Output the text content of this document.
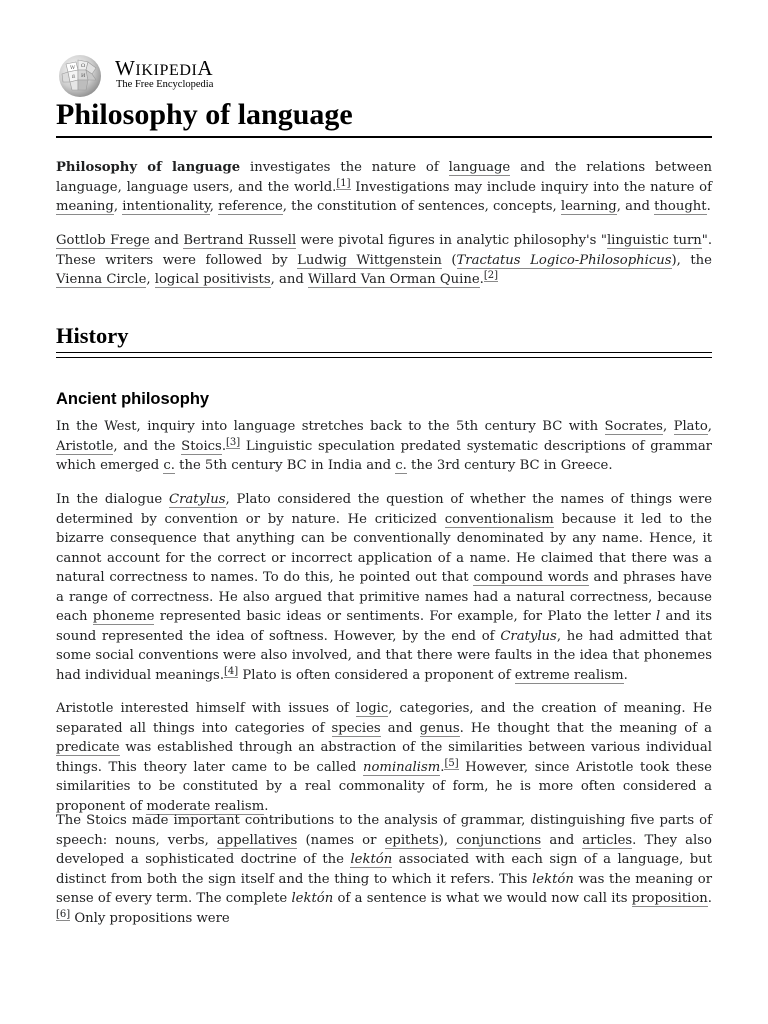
W Ω
ß И WIKIPEDIA
The Free Encyclopedia
Philosophy of language

Philosophy of language investigates the nature of language and the relations between language, language users, and the world.[1] Investigations may include inquiry into the nature of meaning, intentionality, reference, the constitution of sentences, concepts, learning, and thought.

Gottlob Frege and Bertrand Russell were pivotal figures in analytic philosophy's "linguistic turn". These writers were followed by Ludwig Wittgenstein (Tractatus Logico-Philosophicus), the Vienna Circle, logical positivists, and Willard Van Orman Quine.[2]

History
Ancient philosophy

In the West, inquiry into language stretches back to the 5th century BC with Socrates, Plato, Aristotle, and the Stoics.[3] Linguistic speculation predated systematic descriptions of grammar which emerged c. the 5th century BC in India and c. the 3rd century BC in Greece.

In the dialogue Cratylus, Plato considered the question of whether the names of things were determined by convention or by nature. He criticized conventionalism because it led to the bizarre consequence that anything can be conventionally denominated by any name. Hence, it cannot account for the correct or incorrect application of a name. He claimed that there was a natural correctness to names. To do this, he pointed out that compound words and phrases have a range of correctness. He also argued that primitive names had a natural correctness, because each phoneme represented basic ideas or sentiments. For example, for Plato the letter l and its sound represented the idea of softness. However, by the end of Cratylus, he had admitted that some social conventions were also involved, and that there were faults in the idea that phonemes had individual meanings.[4] Plato is often considered a proponent of extreme realism.

Aristotle interested himself with issues of logic, categories, and the creation of meaning. He separated all things into categories of species and genus. He thought that the meaning of a predicate was established through an abstraction of the similarities between various individual things. This theory later came to be called nominalism.[5] However, since Aristotle took these similarities to be constituted by a real commonality of form, he is more often considered a proponent of moderate realism.

The Stoics made important contributions to the analysis of grammar, distinguishing five parts of speech: nouns, verbs, appellatives (names or epithets), conjunctions and articles. They also developed a sophisticated doctrine of the lektón associated with each sign of a language, but distinct from both the sign itself and the thing to which it refers. This lektón was the meaning or sense of every term. The complete lektón of a sentence is what we would now call its proposition.[6] Only propositions were
